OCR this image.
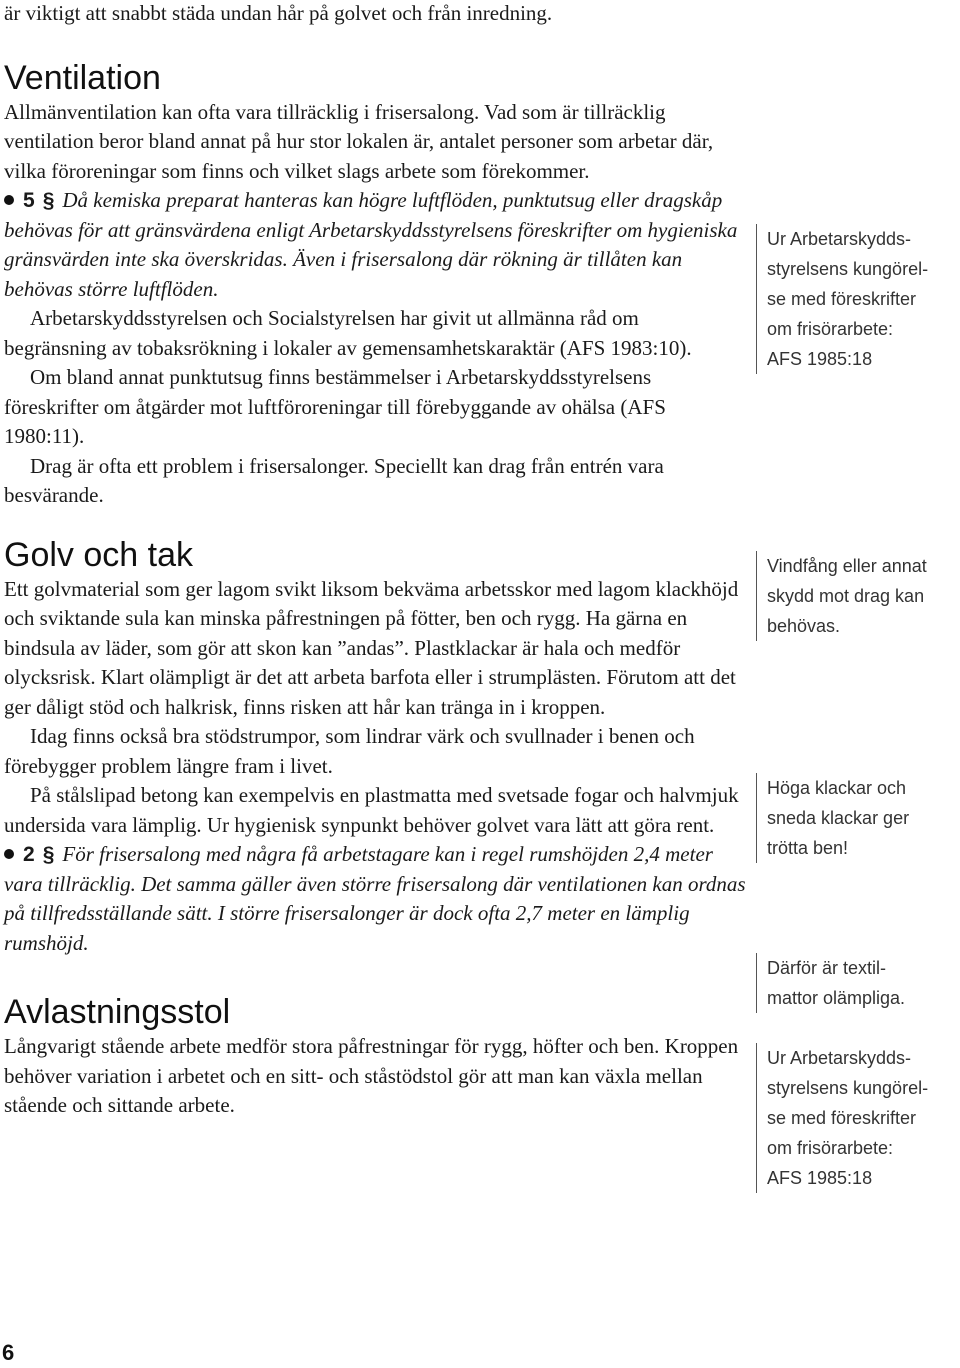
är viktigt att snabbt städa undan hår på golvet och från inredning.

Ventilation

Allmänventilation kan ofta vara tillräcklig i frisersalong. Vad som är tillräcklig ventilation beror bland annat på hur stor lokalen är, antalet personer som arbetar där, vilka föroreningar som finns och vilket slags arbete som förekommer.

5 § Då kemiska preparat hanteras kan högre luftflöden, punktutsug eller dragskåp behövas för att gränsvärdena enligt Arbetarskyddsstyrelsens föreskrifter om hygieniska gränsvärden inte ska överskridas. Även i frisersalong där rökning är tillåten kan behövas större luftflöden.

Arbetarskyddsstyrelsen och Socialstyrelsen har givit ut allmänna råd om begränsning av tobaksrökning i lokaler av gemensamhetskaraktär (AFS 1983:10).

Om bland annat punktutsug finns bestämmelser i Arbetarskyddsstyrelsens föreskrifter om åtgärder mot luftföroreningar till förebyggande av ohälsa (AFS 1980:11).

Drag är ofta ett problem i frisersalonger. Speciellt kan drag från entrén vara besvärande.

Golv och tak

Ett golvmaterial som ger lagom svikt liksom bekväma arbetsskor med lagom klackhöjd och sviktande sula kan minska påfrestningen på fötter, ben och rygg. Ha gärna en bindsula av läder, som gör att skon kan ”andas”. Plastklackar är hala och medför olycksrisk. Klart olämpligt är det att arbeta barfota eller i strumplästen. Förutom att det ger dåligt stöd och halkrisk, finns risken att hår kan tränga in i kroppen.

Idag finns också bra stödstrumpor, som lindrar värk och svullnader i benen och förebygger problem längre fram i livet.

På stålslipad betong kan exempelvis en plastmatta med svetsade fogar och halvmjuk undersida vara lämplig. Ur hygienisk synpunkt behöver golvet vara lätt att göra rent.

2 § För frisersalong med några få arbetstagare kan i regel rumshöjden 2,4 meter vara tillräcklig. Det samma gäller även större frisersalong där ventilationen kan ordnas på tillfredsställande sätt. I större frisersalonger är dock ofta 2,7 meter en lämplig rumshöjd.

Avlastningsstol

Långvarigt stående arbete medför stora påfrestningar för rygg, höfter och ben. Kroppen behöver variation i arbetet och en sitt- och ståstödstol gör att man kan växla mellan stående och sittande arbete.

Ur Arbetarskydds-
styrelsens kungörel-
se med föreskrifter
om frisörarbete:
AFS 1985:18
Vindfång eller annat
skydd mot drag kan
behövas.
Höga klackar och
sneda klackar ger
trötta ben!
Därför är textil-
mattor olämpliga.
Ur Arbetarskydds-
styrelsens kungörel-
se med föreskrifter
om frisörarbete:
AFS 1985:18
6
